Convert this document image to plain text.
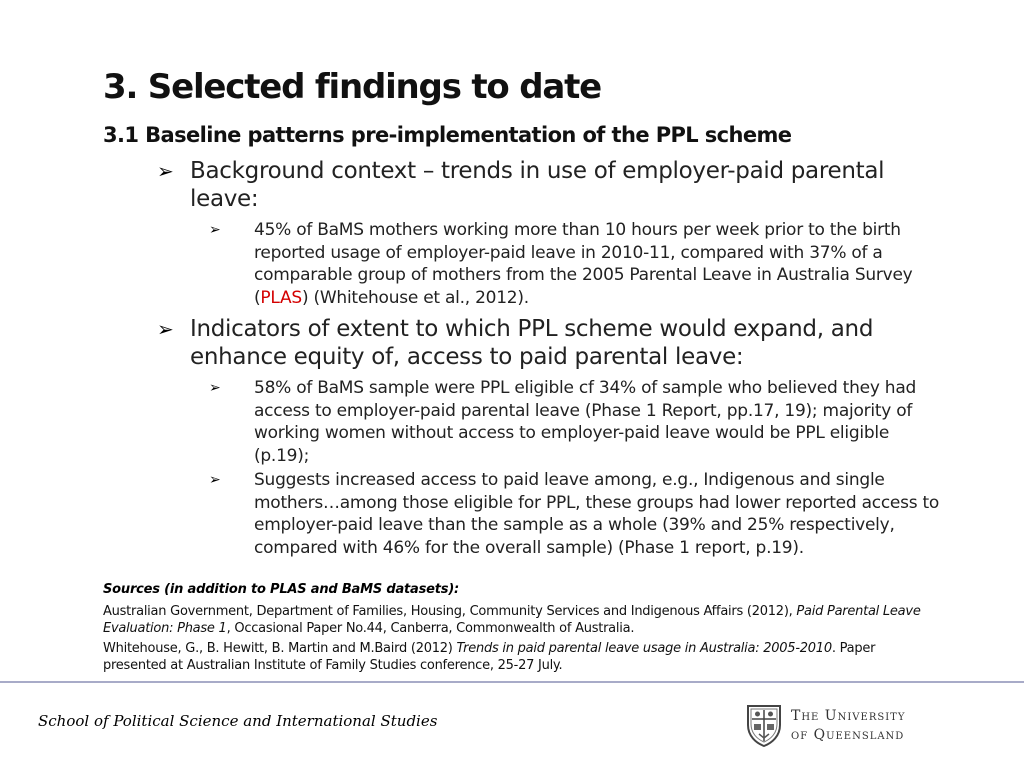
3. Selected findings to date
3.1 Baseline patterns pre-implementation of the PPL scheme
➢ Background context – trends in use of employer-paid parental leave:
➢	45% of BaMS mothers working more than 10 hours per week prior to the birth reported usage of employer-paid leave in 2010-11, compared with 37% of a comparable group of mothers from the 2005 Parental Leave in Australia Survey (PLAS) (Whitehouse et al., 2012).
➢ Indicators of extent to which PPL scheme would expand, and enhance equity of, access to paid parental leave:
➢	58% of BaMS sample were PPL eligible cf 34% of sample who believed they had access to employer-paid parental leave (Phase 1 Report, pp.17, 19); majority of working women without access to employer-paid leave would be PPL eligible (p.19);
➢	Suggests increased access to paid leave among, e.g., Indigenous and single mothers…among those eligible for PPL, these groups had lower reported access to employer-paid leave than the sample as a whole (39% and 25% respectively, compared with 46% for the overall sample) (Phase 1 report, p.19).

Sources (in addition to PLAS and BaMS datasets):

Australian Government, Department of Families, Housing, Community Services and Indigenous Affairs (2012), Paid Parental Leave Evaluation: Phase 1, Occasional Paper No.44, Canberra, Commonwealth of Australia.

Whitehouse, G., B. Hewitt, B. Martin and M.Baird (2012) Trends in paid parental leave usage in Australia: 2005-2010. Paper presented at Australian Institute of Family Studies conference, 25-27 July.

School of Political Science and International Studies	The University
of Queensland
